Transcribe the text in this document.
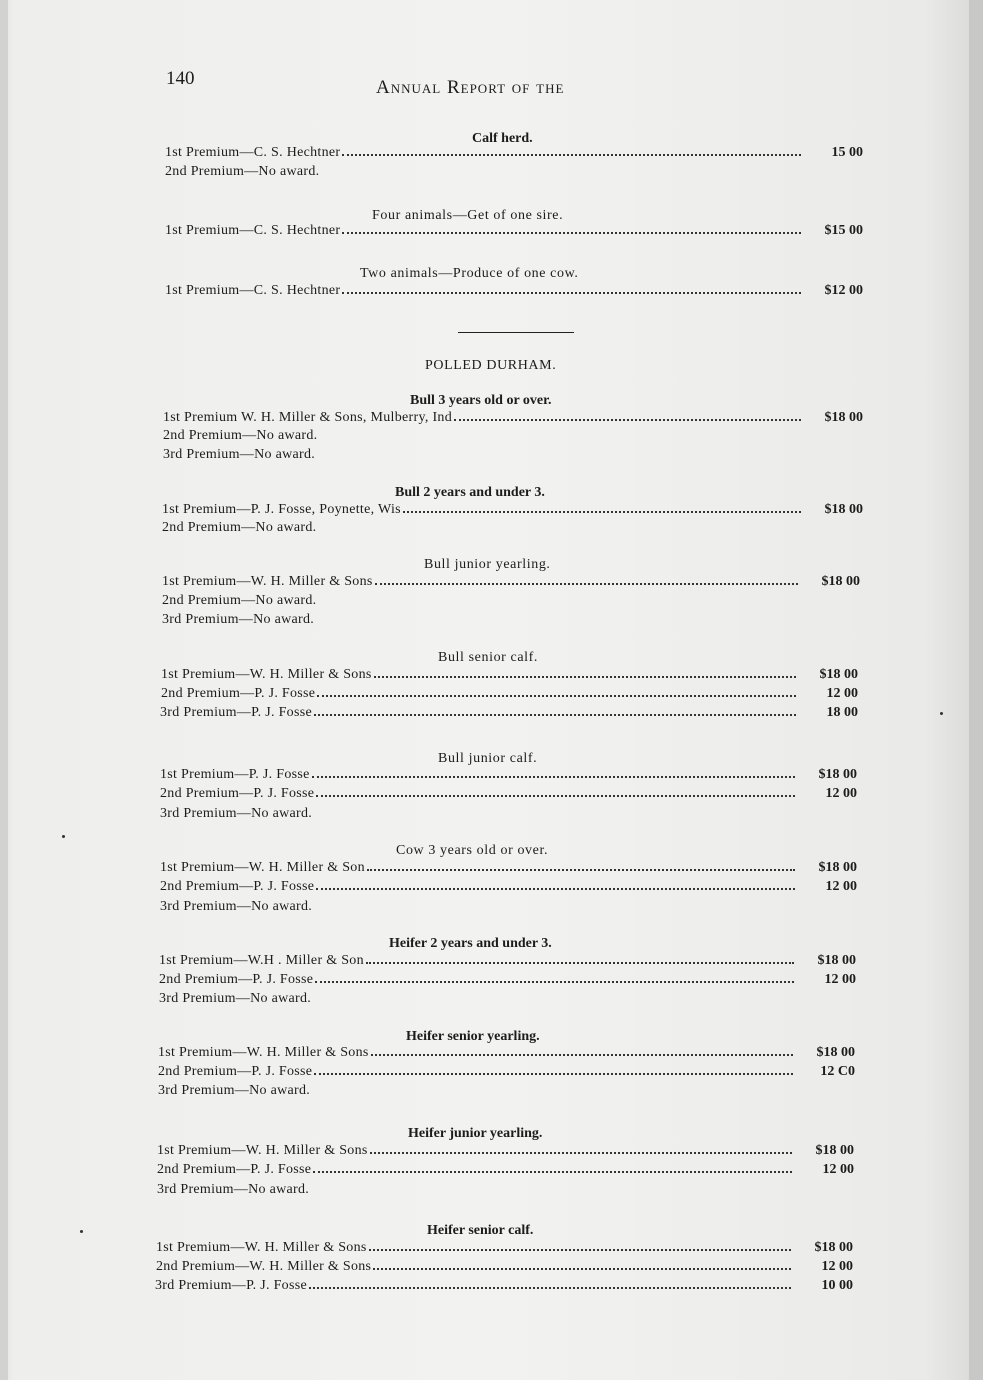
140	Annual Report of the
Calf herd.
1st Premium—C. S. Hechtner	15 00
2nd Premium—No award.
Four animals—Get of one sire.
1st Premium—C. S. Hechtner	$15 00
Two animals—Produce of one cow.
1st Premium—C. S. Hechtner	$12 00
POLLED DURHAM.
Bull 3 years old or over.
1st Premium W. H. Miller & Sons, Mulberry, Ind	$18 00
2nd Premium—No award.
3rd Premium—No award.
Bull 2 years and under 3.
1st Premium—P. J. Fosse, Poynette, Wis	$18 00
2nd Premium—No award.
Bull junior yearling.
1st Premium—W. H. Miller & Sons	$18 00
2nd Premium—No award.
3rd Premium—No award.
Bull senior calf.
1st Premium—W. H. Miller & Sons	$18 00
2nd Premium—P. J. Fosse	12 00
3rd Premium—P. J. Fosse	18 00
Bull junior calf.
1st Premium—P. J. Fosse	$18 00
2nd Premium—P. J. Fosse	12 00
3rd Premium—No award.
Cow 3 years old or over.
1st Premium—W. H. Miller & Son	$18 00
2nd Premium—P. J. Fosse	12 00
3rd Premium—No award.
Heifer 2 years and under 3.
1st Premium—W.H . Miller & Son	$18 00
2nd Premium—P. J. Fosse	12 00
3rd Premium—No award.
Heifer senior yearling.
1st Premium—W. H. Miller & Sons	$18 00
2nd Premium—P. J. Fosse	12 C0
3rd Premium—No award.
Heifer junior yearling.
1st Premium—W. H. Miller & Sons	$18 00
2nd Premium—P. J. Fosse	12 00
3rd Premium—No award.
Heifer senior calf.
1st Premium—W. H. Miller & Sons	$18 00
2nd Premium—W. H. Miller & Sons	12 00
3rd Premium—P. J. Fosse	10 00
